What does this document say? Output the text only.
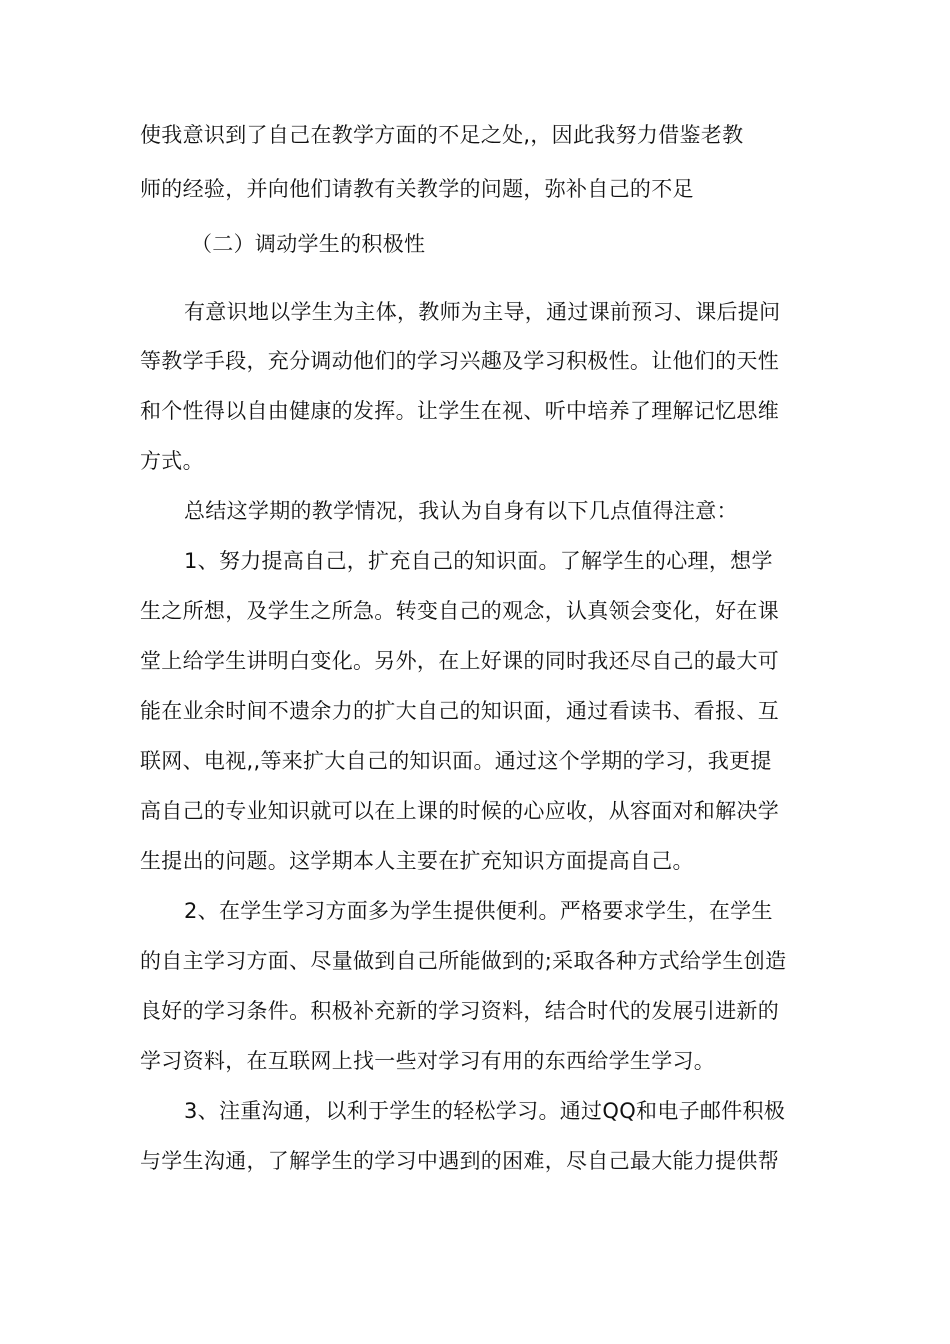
使我意识到了自己在教学方面的不足之处,，因此我努力借鉴老教
师的经验，并向他们请教有关教学的问题，弥补自己的不足
（二）调动学生的积极性
有意识地以学生为主体，教师为主导，通过课前预习、课后提问
等教学手段，充分调动他们的学习兴趣及学习积极性。让他们的天性
和个性得以自由健康的发挥。让学生在视、听中培养了理解记忆思维
方式。
总结这学期的教学情况，我认为自身有以下几点值得注意：
1、努力提高自己，扩充自己的知识面。了解学生的心理，想学
生之所想，及学生之所急。转变自己的观念，认真领会变化，好在课
堂上给学生讲明白变化。另外，在上好课的同时我还尽自己的最大可
能在业余时间不遗余力的扩大自己的知识面，通过看读书、看报、互
联网、电视,,等来扩大自己的知识面。通过这个学期的学习，我更提
高自己的专业知识就可以在上课的时候的心应收，从容面对和解决学
生提出的问题。这学期本人主要在扩充知识方面提高自己。
2、在学生学习方面多为学生提供便利。严格要求学生，在学生
的自主学习方面、尽量做到自己所能做到的;采取各种方式给学生创造
良好的学习条件。积极补充新的学习资料，结合时代的发展引进新的
学习资料，在互联网上找一些对学习有用的东西给学生学习。
3、注重沟通，以利于学生的轻松学习。通过QQ和电子邮件积极
与学生沟通，了解学生的学习中遇到的困难，尽自己最大能力提供帮
